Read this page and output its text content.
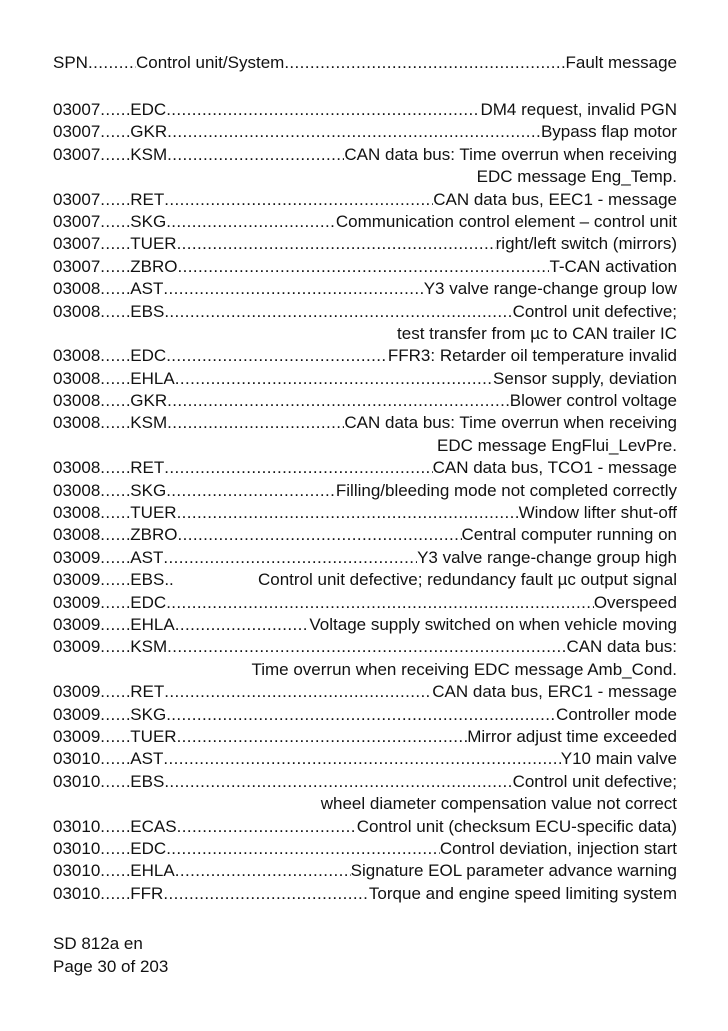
SPN .....	Control unit/System .....	Fault message
03007 ..... EDC .....	DM4 request, invalid PGN
03007 ..... GKR .....	Bypass flap motor
03007 ..... KSM .....	CAN data bus: Time overrun when receiving
EDC message Eng_Temp.
03007 ..... RET .....	CAN data bus, EEC1 - message
03007 ..... SKG .....	Communication control element – control unit
03007 ..... TUER .....	right/left switch (mirrors)
03007 ..... ZBRO .....	T-CAN activation
03008 ..... AST .....	Y3 valve range-change group low
03008 ..... EBS .....	Control unit defective;
test transfer from µc to CAN trailer IC
03008 ..... EDC .....	FFR3: Retarder oil temperature invalid
03008 ..... EHLA .....	Sensor supply, deviation
03008 ..... GKR .....	Blower control voltage
03008 ..... KSM .....	CAN data bus: Time overrun when receiving
EDC message EngFlui_LevPre.
03008 ..... RET .....	CAN data bus, TCO1 - message
03008 ..... SKG .....	Filling/bleeding mode not completed correctly
03008 ..... TUER .....	Window lifter shut-off
03008 ..... ZBRO .....	Central computer running on
03009 ..... AST .....	Y3 valve range-change group high
03009 ..... EBS ..	Control unit defective; redundancy fault µc output signal
03009 ..... EDC .....	Overspeed
03009 ..... EHLA .....	Voltage supply switched on when vehicle moving
03009 ..... KSM .....	CAN data bus:
Time overrun when receiving EDC message Amb_Cond.
03009 ..... RET .....	CAN data bus, ERC1 - message
03009 ..... SKG .....	Controller mode
03009 ..... TUER .....	Mirror adjust time exceeded
03010 ..... AST .....	Y10 main valve
03010 ..... EBS .....	Control unit defective;
wheel diameter compensation value not correct
03010 ..... ECAS .....	Control unit (checksum ECU-specific data)
03010 ..... EDC .....	Control deviation, injection start
03010 ..... EHLA .....	Signature EOL parameter advance warning
03010 ..... FFR .....	Torque and engine speed limiting system
SD 812a en
Page 30 of 203
